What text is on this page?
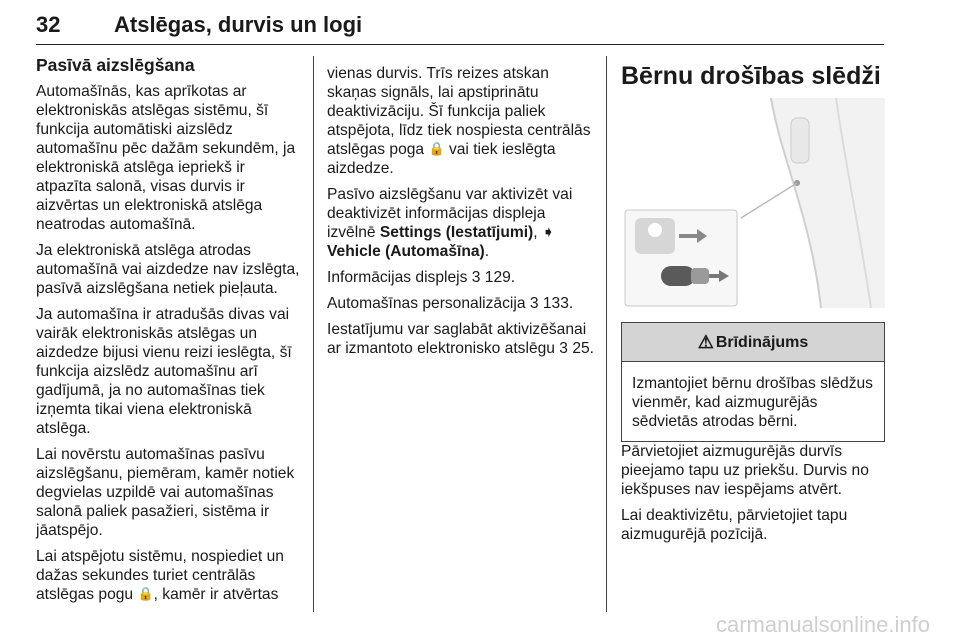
32 Atslēgas, durvis un logi
Pasīvā aizslēgšana

Automašīnās, kas aprīkotas ar elektroniskās atslēgas sistēmu, šī funkcija automātiski aizslēdz automašīnu pēc dažām sekundēm, ja elektroniskā atslēga iepriekš ir atpazīta salonā, visas durvis ir aizvērtas un elektroniskā atslēga neatrodas automašīnā.

Ja elektroniskā atslēga atrodas automašīnā vai aizdedze nav izslēgta, pasīvā aizslēgšana netiek pieļauta.

Ja automašīna ir atradušās divas vai vairāk elektroniskās atslēgas un aizdedze bijusi vienu reizi ieslēgta, šī funkcija aizslēdz automašīnu arī gadījumā, ja no automašīnas tiek izņemta tikai viena elektroniskā atslēga.

Lai novērstu automašīnas pasīvu aizslēgšanu, piemēram, kamēr notiek degvielas uzpildē vai automašīnas salonā paliek pasažieri, sistēma ir jāatspējo.

Lai atspējotu sistēmu, nospiediet un dažas sekundes turiet centrālās atslēgas pogu 🔒, kamēr ir atvērtas

vienas durvis. Trīs reizes atskan skaņas signāls, lai apstiprinātu deaktivizāciju. Šī funkcija paliek atspējota, līdz tiek nospiesta centrālās atslēgas poga 🔒 vai tiek ieslēgta aizdedze.

Pasīvo aizslēgšanu var aktivizēt vai deaktivizēt informācijas displeja izvēlnē Settings (Iestatījumi), ➧ Vehicle (Automašīna).

Informācijas displejs 3 129.

Automašīnas personalizācija 3 133.

Iestatījumu var saglabāt aktivizēšanai ar izmantoto elektronisko atslēgu 3 25.

Bērnu drošības slēdži
⚠ Brīdinājums
Izmantojiet bērnu drošības slēdžus vienmēr, kad aizmugurējās sēdvietās atrodas bērni.

Pārvietojiet aizmugurējās durvīs pieejamo tapu uz priekšu. Durvis no iekšpuses nav iespējams atvērt.

Lai deaktivizētu, pārvietojiet tapu aizmugurējā pozīcijā.

carmanualsonline.info
